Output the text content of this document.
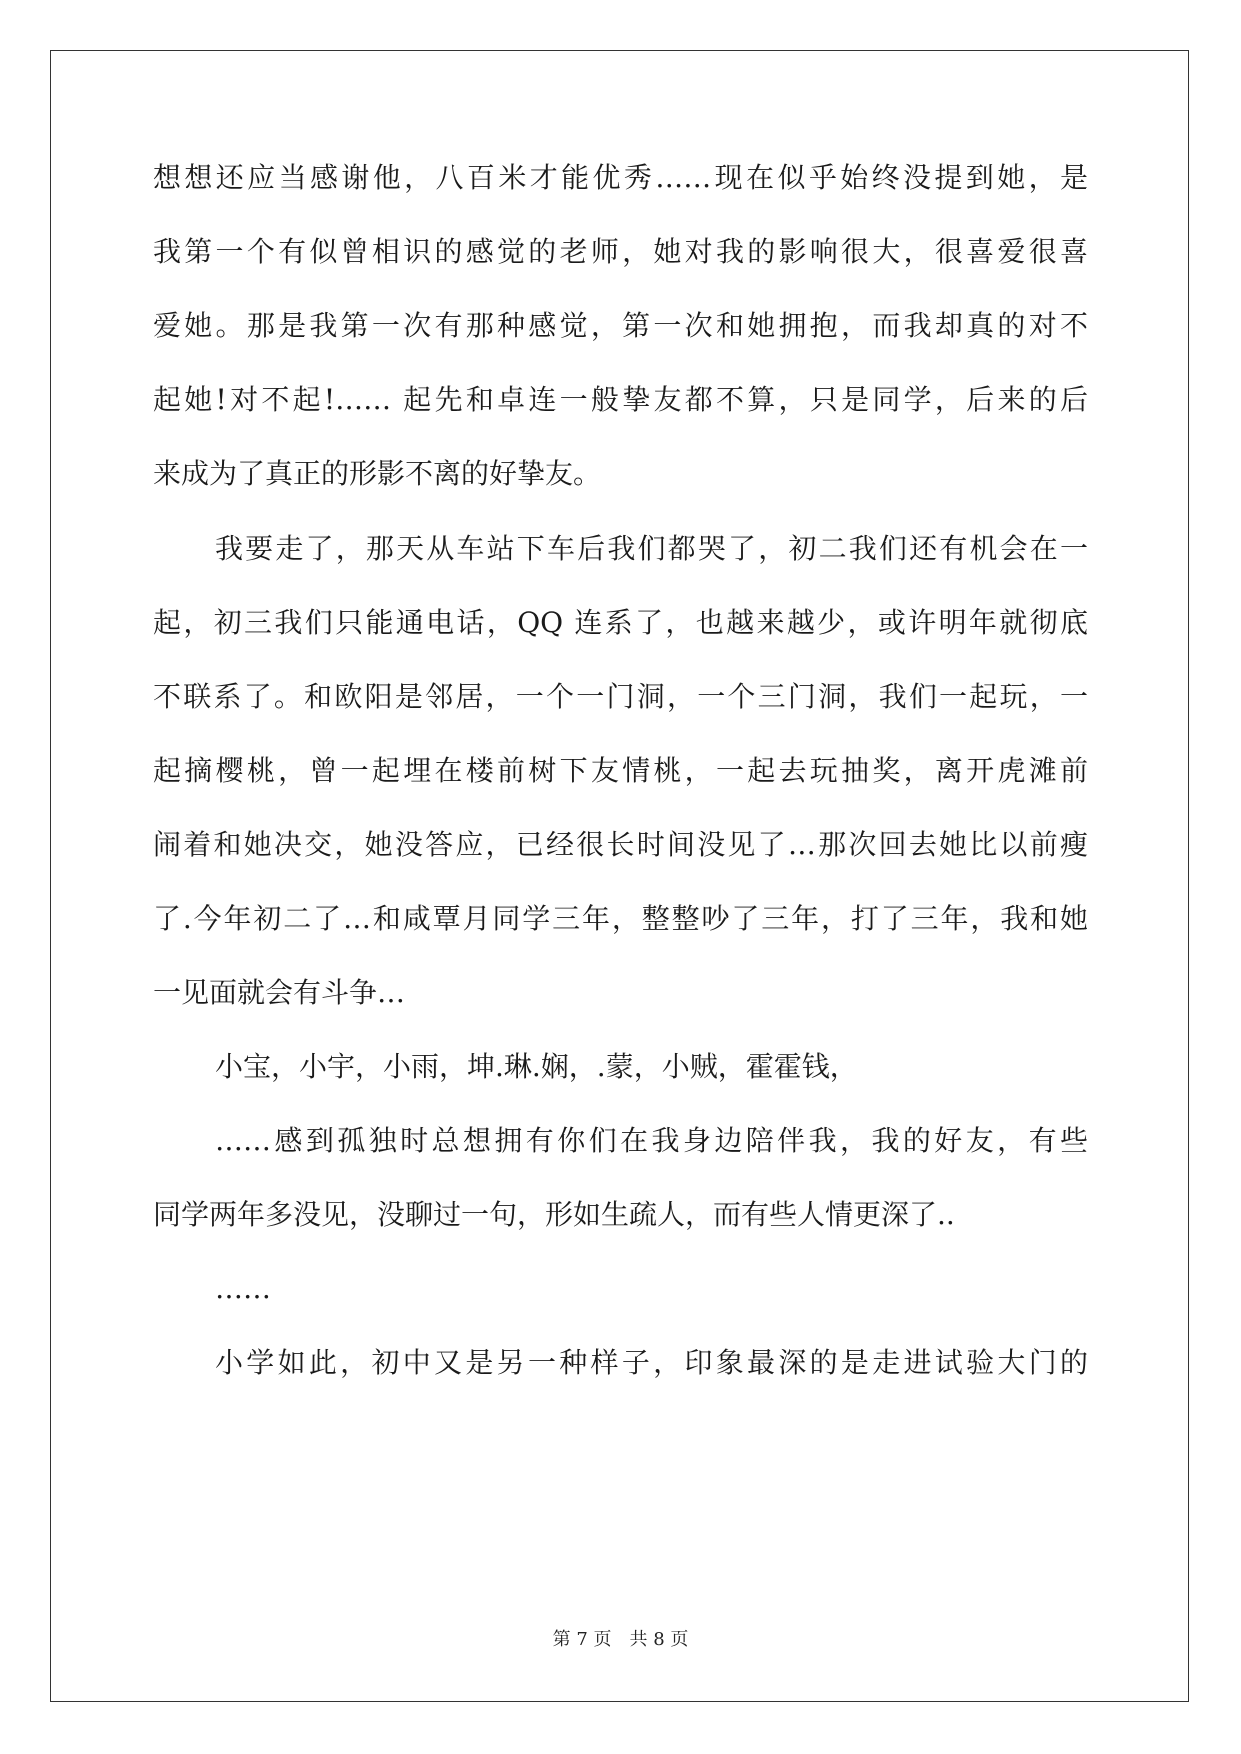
想想还应当感谢他，八百米才能优秀……现在似乎始终没提到她，是
我第一个有似曾相识的感觉的老师，她对我的影响很大，很喜爱很喜
爱她。那是我第一次有那种感觉，第一次和她拥抱，而我却真的对不
起她!对不起!…… 起先和卓连一般挚友都不算，只是同学，后来的后
来成为了真正的形影不离的好挚友。
我要走了，那天从车站下车后我们都哭了，初二我们还有机会在一
起，初三我们只能通电话，QQ 连系了，也越来越少，或许明年就彻底
不联系了。和欧阳是邻居，一个一门洞，一个三门洞，我们一起玩，一
起摘樱桃，曾一起埋在楼前树下友情桃，一起去玩抽奖，离开虎滩前
闹着和她决交，她没答应，已经很长时间没见了…那次回去她比以前瘦
了.今年初二了…和咸覃月同学三年，整整吵了三年，打了三年，我和她
一见面就会有斗争…
小宝，小宇，小雨，坤.琳.娴，.蒙，小贼，霍霍钱，
……感到孤独时总想拥有你们在我身边陪伴我，我的好友，有些
同学两年多没见，没聊过一句，形如生疏人，而有些人情更深了..
……
小学如此，初中又是另一种样子，印象最深的是走进试验大门的
第 7 页　共 8 页
